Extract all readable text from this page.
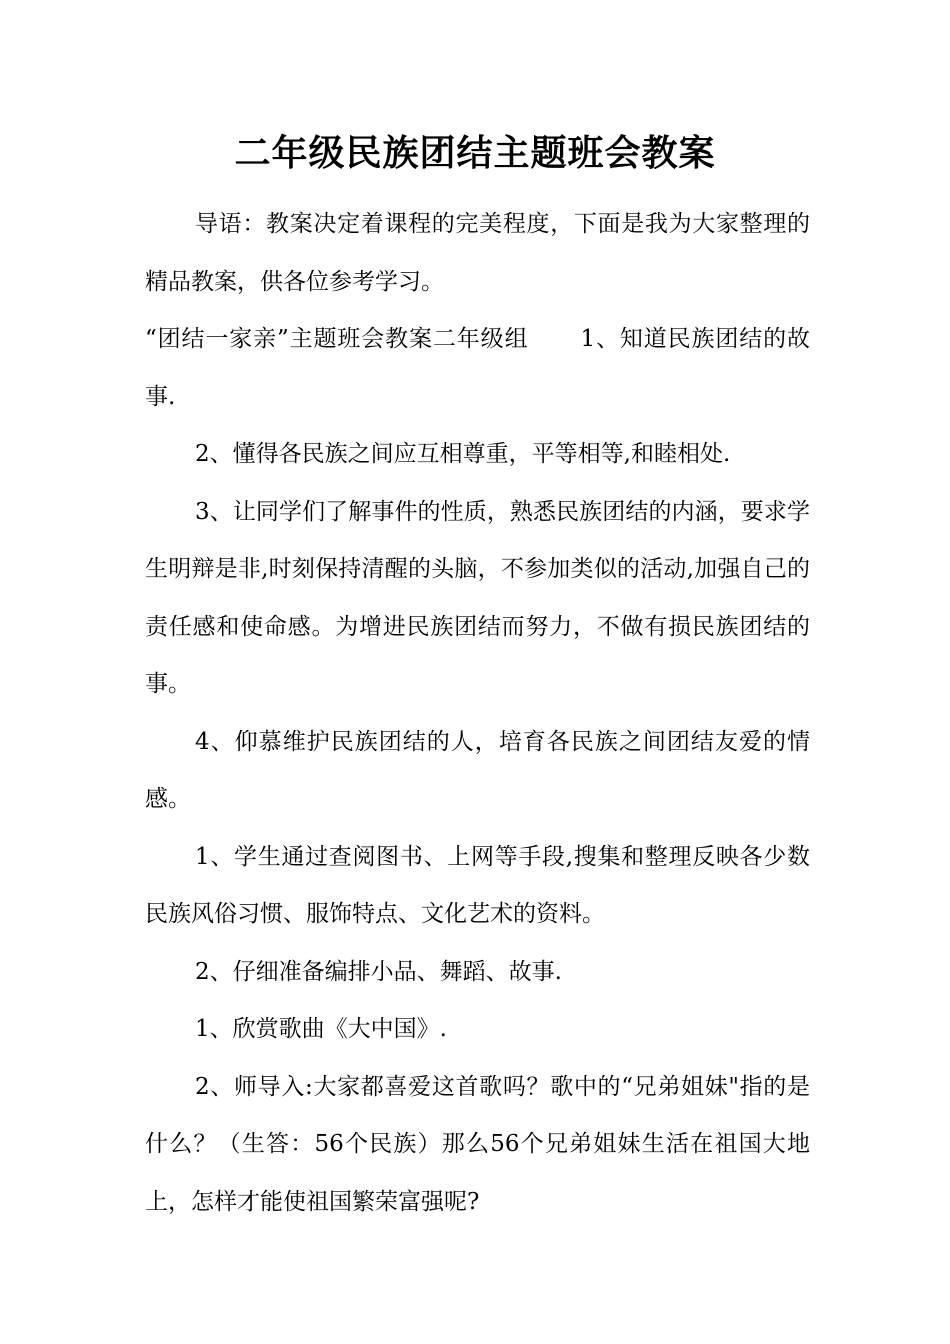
二年级民族团结主题班会教案

导语：教案决定着课程的完美程度，下面是我为大家整理的精品教案，供各位参考学习。

“团结一家亲”主题班会教案二年级组 1、知道民族团结的故事.

2、懂得各民族之间应互相尊重，平等相等,和睦相处.

3、让同学们了解事件的性质，熟悉民族团结的内涵，要求学生明辩是非,时刻保持清醒的头脑，不参加类似的活动,加强自己的责任感和使命感。为增进民族团结而努力，不做有损民族团结的事。

4、仰慕维护民族团结的人，培育各民族之间团结友爱的情感。

1、学生通过查阅图书、上网等手段,搜集和整理反映各少数民族风俗习惯、服饰特点、文化艺术的资料。

2、仔细准备编排小品、舞蹈、故事.

1、欣赏歌曲《大中国》.

2、师导入:大家都喜爱这首歌吗？歌中的“兄弟姐妹"指的是什么？（生答：56个民族）那么56个兄弟姐妹生活在祖国大地上，怎样才能使祖国繁荣富强呢?
